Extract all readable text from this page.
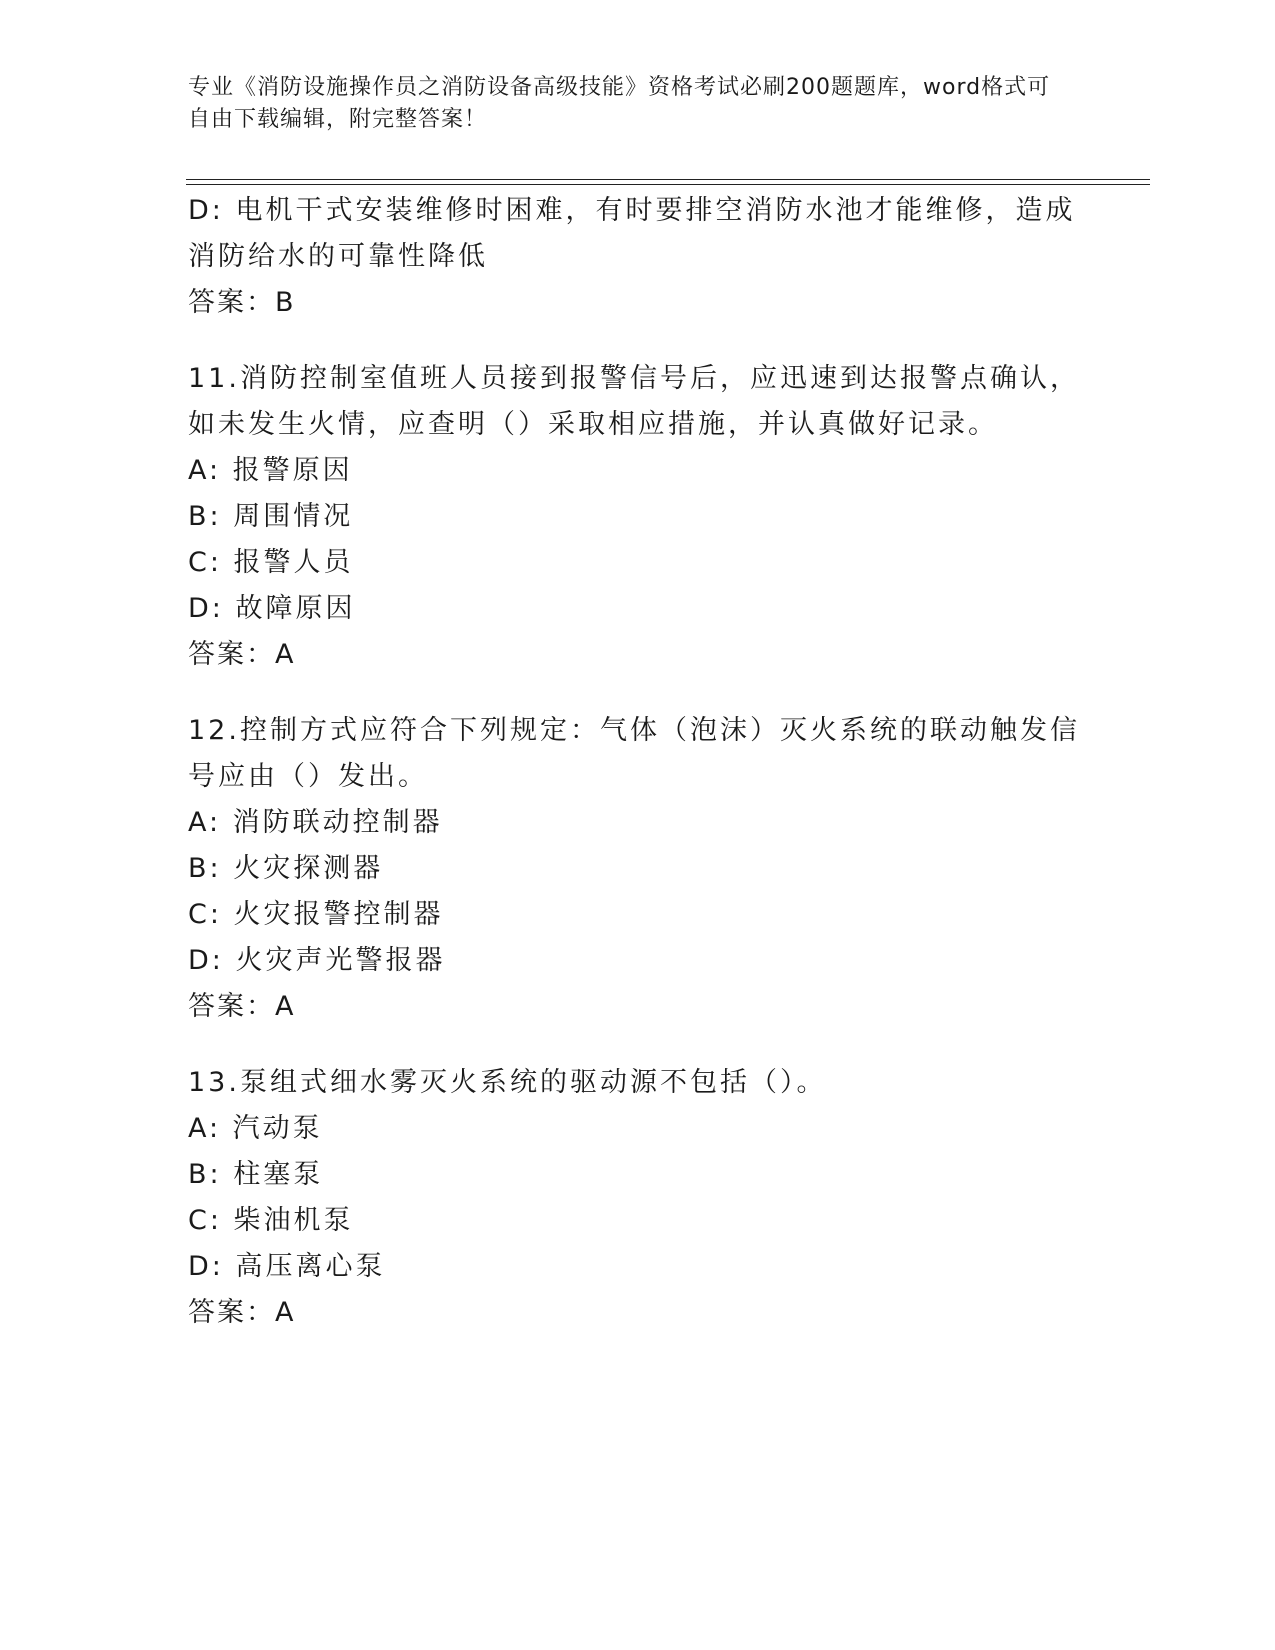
专业《消防设施操作员之消防设备高级技能》资格考试必刷200题题库，word格式可自由下载编辑，附完整答案！
D: 电机干式安装维修时困难，有时要排空消防水池才能维修，造成消防给水的可靠性降低
答案：B
11.消防控制室值班人员接到报警信号后，应迅速到达报警点确认，如未发生火情，应查明（）采取相应措施，并认真做好记录。
A: 报警原因
B: 周围情况
C: 报警人员
D: 故障原因
答案：A
12.控制方式应符合下列规定：气体（泡沫）灭火系统的联动触发信号应由（）发出。
A: 消防联动控制器
B: 火灾探测器
C: 火灾报警控制器
D: 火灾声光警报器
答案：A
13.泵组式细水雾灭火系统的驱动源不包括（）。
A: 汽动泵
B: 柱塞泵
C: 柴油机泵
D: 高压离心泵
答案：A
